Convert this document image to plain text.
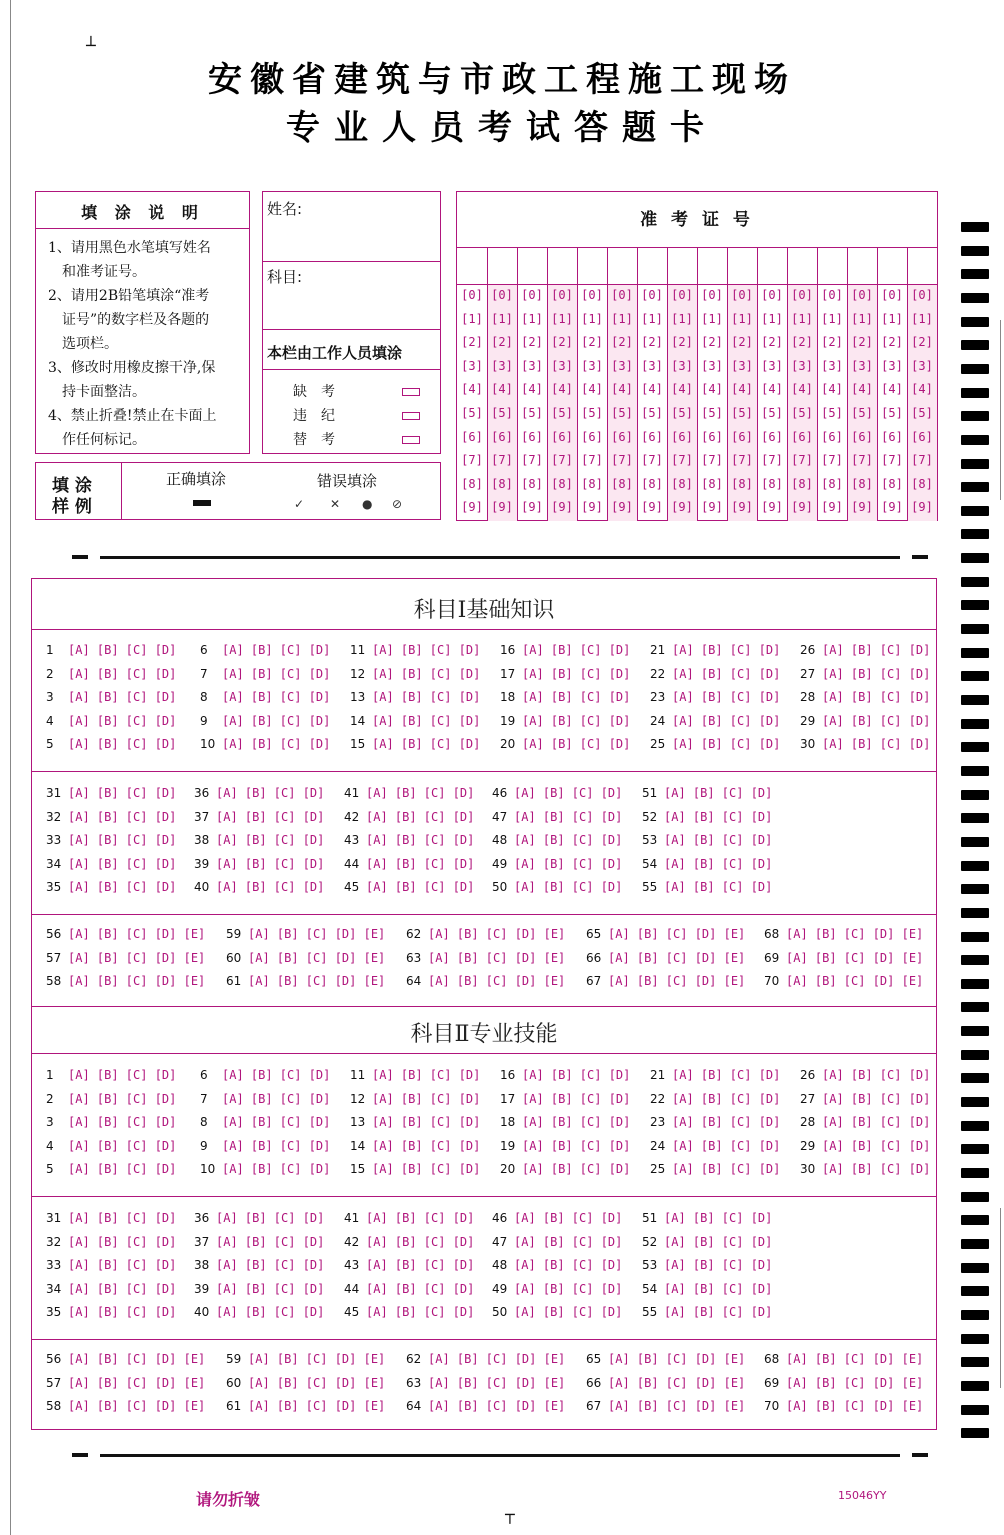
┴
┬
安徽省建筑与市政工程施工现场
专业人员考试答题卡
填 涂 说 明
1、请用黑色水笔填写姓名
　和准考证号。
2、请用2B铅笔填涂“准考
　证号”的数字栏及各题的
　选项栏。
3、修改时用橡皮擦干净,保
　持卡面整洁。
4、禁止折叠!禁止在卡面上
　作任何标记。
姓名:
科目:
本栏由工作人员填涂
缺　考
违　纪
替　考
填 涂
样 例
正确填涂	错误填涂
✓ ✕ ● ⊘
准 考 证 号
[0]
[1]
[2]
[3]
[4]
[5]
[6]
[7]
[8]
[9]
[0]
[1]
[2]
[3]
[4]
[5]
[6]
[7]
[8]
[9]
[0]
[1]
[2]
[3]
[4]
[5]
[6]
[7]
[8]
[9]
[0]
[1]
[2]
[3]
[4]
[5]
[6]
[7]
[8]
[9]
[0]
[1]
[2]
[3]
[4]
[5]
[6]
[7]
[8]
[9]
[0]
[1]
[2]
[3]
[4]
[5]
[6]
[7]
[8]
[9]
[0]
[1]
[2]
[3]
[4]
[5]
[6]
[7]
[8]
[9]
[0]
[1]
[2]
[3]
[4]
[5]
[6]
[7]
[8]
[9]
[0]
[1]
[2]
[3]
[4]
[5]
[6]
[7]
[8]
[9]
[0]
[1]
[2]
[3]
[4]
[5]
[6]
[7]
[8]
[9]
[0]
[1]
[2]
[3]
[4]
[5]
[6]
[7]
[8]
[9]
[0]
[1]
[2]
[3]
[4]
[5]
[6]
[7]
[8]
[9]
[0]
[1]
[2]
[3]
[4]
[5]
[6]
[7]
[8]
[9]
[0]
[1]
[2]
[3]
[4]
[5]
[6]
[7]
[8]
[9]
[0]
[1]
[2]
[3]
[4]
[5]
[6]
[7]
[8]
[9]
[0]
[1]
[2]
[3]
[4]
[5]
[6]
[7]
[8]
[9]
科目Ⅰ基础知识
科目Ⅱ专业技能
1 [A] [B] [C] [D]
2 [A] [B] [C] [D]
3 [A] [B] [C] [D]
4 [A] [B] [C] [D]
5 [A] [B] [C] [D]
6 [A] [B] [C] [D]
7 [A] [B] [C] [D]
8 [A] [B] [C] [D]
9 [A] [B] [C] [D]
10 [A] [B] [C] [D]
11 [A] [B] [C] [D]
12 [A] [B] [C] [D]
13 [A] [B] [C] [D]
14 [A] [B] [C] [D]
15 [A] [B] [C] [D]
16 [A] [B] [C] [D]
17 [A] [B] [C] [D]
18 [A] [B] [C] [D]
19 [A] [B] [C] [D]
20 [A] [B] [C] [D]
21 [A] [B] [C] [D]
22 [A] [B] [C] [D]
23 [A] [B] [C] [D]
24 [A] [B] [C] [D]
25 [A] [B] [C] [D]
26 [A] [B] [C] [D]
27 [A] [B] [C] [D]
28 [A] [B] [C] [D]
29 [A] [B] [C] [D]
30 [A] [B] [C] [D]
31 [A] [B] [C] [D]
32 [A] [B] [C] [D]
33 [A] [B] [C] [D]
34 [A] [B] [C] [D]
35 [A] [B] [C] [D]
36 [A] [B] [C] [D]
37 [A] [B] [C] [D]
38 [A] [B] [C] [D]
39 [A] [B] [C] [D]
40 [A] [B] [C] [D]
41 [A] [B] [C] [D]
42 [A] [B] [C] [D]
43 [A] [B] [C] [D]
44 [A] [B] [C] [D]
45 [A] [B] [C] [D]
46 [A] [B] [C] [D]
47 [A] [B] [C] [D]
48 [A] [B] [C] [D]
49 [A] [B] [C] [D]
50 [A] [B] [C] [D]
51 [A] [B] [C] [D]
52 [A] [B] [C] [D]
53 [A] [B] [C] [D]
54 [A] [B] [C] [D]
55 [A] [B] [C] [D]
56 [A] [B] [C] [D] [E]
57 [A] [B] [C] [D] [E]
58 [A] [B] [C] [D] [E]
59 [A] [B] [C] [D] [E]
60 [A] [B] [C] [D] [E]
61 [A] [B] [C] [D] [E]
62 [A] [B] [C] [D] [E]
63 [A] [B] [C] [D] [E]
64 [A] [B] [C] [D] [E]
65 [A] [B] [C] [D] [E]
66 [A] [B] [C] [D] [E]
67 [A] [B] [C] [D] [E]
68 [A] [B] [C] [D] [E]
69 [A] [B] [C] [D] [E]
70 [A] [B] [C] [D] [E]
1 [A] [B] [C] [D]
2 [A] [B] [C] [D]
3 [A] [B] [C] [D]
4 [A] [B] [C] [D]
5 [A] [B] [C] [D]
6 [A] [B] [C] [D]
7 [A] [B] [C] [D]
8 [A] [B] [C] [D]
9 [A] [B] [C] [D]
10 [A] [B] [C] [D]
11 [A] [B] [C] [D]
12 [A] [B] [C] [D]
13 [A] [B] [C] [D]
14 [A] [B] [C] [D]
15 [A] [B] [C] [D]
16 [A] [B] [C] [D]
17 [A] [B] [C] [D]
18 [A] [B] [C] [D]
19 [A] [B] [C] [D]
20 [A] [B] [C] [D]
21 [A] [B] [C] [D]
22 [A] [B] [C] [D]
23 [A] [B] [C] [D]
24 [A] [B] [C] [D]
25 [A] [B] [C] [D]
26 [A] [B] [C] [D]
27 [A] [B] [C] [D]
28 [A] [B] [C] [D]
29 [A] [B] [C] [D]
30 [A] [B] [C] [D]
31 [A] [B] [C] [D]
32 [A] [B] [C] [D]
33 [A] [B] [C] [D]
34 [A] [B] [C] [D]
35 [A] [B] [C] [D]
36 [A] [B] [C] [D]
37 [A] [B] [C] [D]
38 [A] [B] [C] [D]
39 [A] [B] [C] [D]
40 [A] [B] [C] [D]
41 [A] [B] [C] [D]
42 [A] [B] [C] [D]
43 [A] [B] [C] [D]
44 [A] [B] [C] [D]
45 [A] [B] [C] [D]
46 [A] [B] [C] [D]
47 [A] [B] [C] [D]
48 [A] [B] [C] [D]
49 [A] [B] [C] [D]
50 [A] [B] [C] [D]
51 [A] [B] [C] [D]
52 [A] [B] [C] [D]
53 [A] [B] [C] [D]
54 [A] [B] [C] [D]
55 [A] [B] [C] [D]
56 [A] [B] [C] [D] [E]
57 [A] [B] [C] [D] [E]
58 [A] [B] [C] [D] [E]
59 [A] [B] [C] [D] [E]
60 [A] [B] [C] [D] [E]
61 [A] [B] [C] [D] [E]
62 [A] [B] [C] [D] [E]
63 [A] [B] [C] [D] [E]
64 [A] [B] [C] [D] [E]
65 [A] [B] [C] [D] [E]
66 [A] [B] [C] [D] [E]
67 [A] [B] [C] [D] [E]
68 [A] [B] [C] [D] [E]
69 [A] [B] [C] [D] [E]
70 [A] [B] [C] [D] [E]
请勿折皱	15046YY
